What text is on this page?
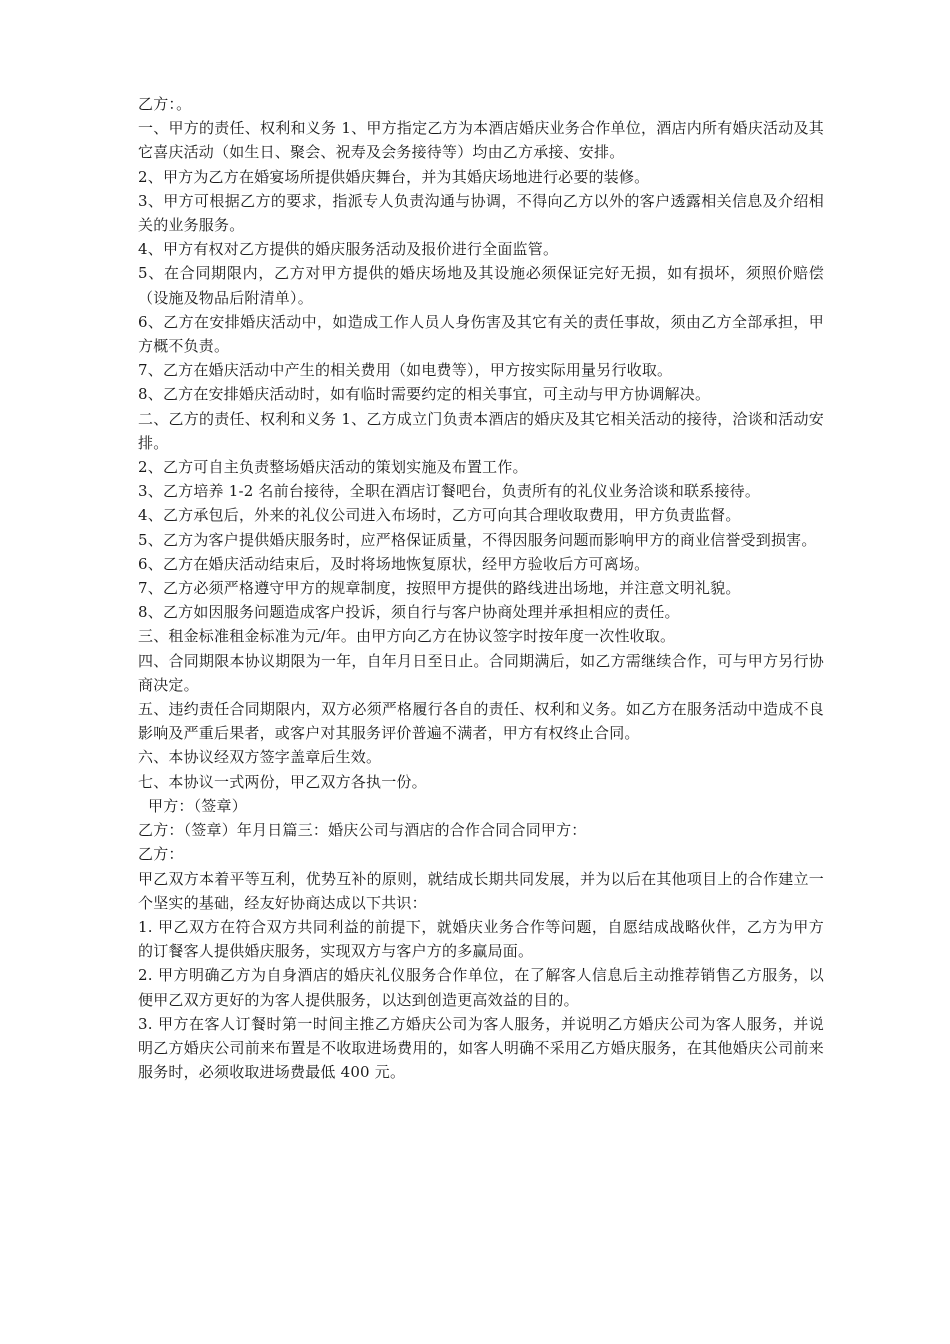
乙方：。

一、甲方的责任、权利和义务 1、甲方指定乙方为本酒店婚庆业务合作单位，酒店内所有婚庆活动及其它喜庆活动（如生日、聚会、祝寿及会务接待等）均由乙方承接、安排。

2、甲方为乙方在婚宴场所提供婚庆舞台，并为其婚庆场地进行必要的装修。

3、甲方可根据乙方的要求，指派专人负责沟通与协调，不得向乙方以外的客户透露相关信息及介绍相关的业务服务。

4、甲方有权对乙方提供的婚庆服务活动及报价进行全面监管。

5、在合同期限内，乙方对甲方提供的婚庆场地及其设施必须保证完好无损，如有损坏，须照价赔偿（设施及物品后附清单）。

6、乙方在安排婚庆活动中，如造成工作人员人身伤害及其它有关的责任事故，须由乙方全部承担，甲方概不负责。

7、乙方在婚庆活动中产生的相关费用（如电费等），甲方按实际用量另行收取。

8、乙方在安排婚庆活动时，如有临时需要约定的相关事宜，可主动与甲方协调解决。

二、乙方的责任、权利和义务 1、乙方成立门负责本酒店的婚庆及其它相关活动的接待，洽谈和活动安排。

2、乙方可自主负责整场婚庆活动的策划实施及布置工作。

3、乙方培养 1-2 名前台接待，全职在酒店订餐吧台，负责所有的礼仪业务洽谈和联系接待。

4、乙方承包后，外来的礼仪公司进入布场时，乙方可向其合理收取费用，甲方负责监督。

5、乙方为客户提供婚庆服务时，应严格保证质量，不得因服务问题而影响甲方的商业信誉受到损害。

6、乙方在婚庆活动结束后，及时将场地恢复原状，经甲方验收后方可离场。

7、乙方必须严格遵守甲方的规章制度，按照甲方提供的路线进出场地，并注意文明礼貌。

8、乙方如因服务问题造成客户投诉，须自行与客户协商处理并承担相应的责任。

三、租金标准租金标准为元/年。由甲方向乙方在协议签字时按年度一次性收取。

四、合同期限本协议期限为一年，自年月日至日止。合同期满后，如乙方需继续合作，可与甲方另行协商决定。

五、违约责任合同期限内，双方必须严格履行各自的责任、权利和义务。如乙方在服务活动中造成不良影响及严重后果者，或客户对其服务评价普遍不满者，甲方有权终止合同。

六、本协议经双方签字盖章后生效。

七、本协议一式两份，甲乙双方各执一份。

甲方：（签章）

乙方：（签章）年月日篇三：婚庆公司与酒店的合作合同合同甲方：

乙方：

甲乙双方本着平等互利，优势互补的原则，就结成长期共同发展，并为以后在其他项目上的合作建立一个坚实的基础，经友好协商达成以下共识：

1. 甲乙双方在符合双方共同利益的前提下，就婚庆业务合作等问题，自愿结成战略伙伴，乙方为甲方的订餐客人提供婚庆服务，实现双方与客户方的多赢局面。

2. 甲方明确乙方为自身酒店的婚庆礼仪服务合作单位，在了解客人信息后主动推荐销售乙方服务，以便甲乙双方更好的为客人提供服务，以达到创造更高效益的目的。

3. 甲方在客人订餐时第一时间主推乙方婚庆公司为客人服务，并说明乙方婚庆公司为客人服务，并说明乙方婚庆公司前来布置是不收取进场费用的，如客人明确不采用乙方婚庆服务，在其他婚庆公司前来服务时，必须收取进场费最低 400 元。
